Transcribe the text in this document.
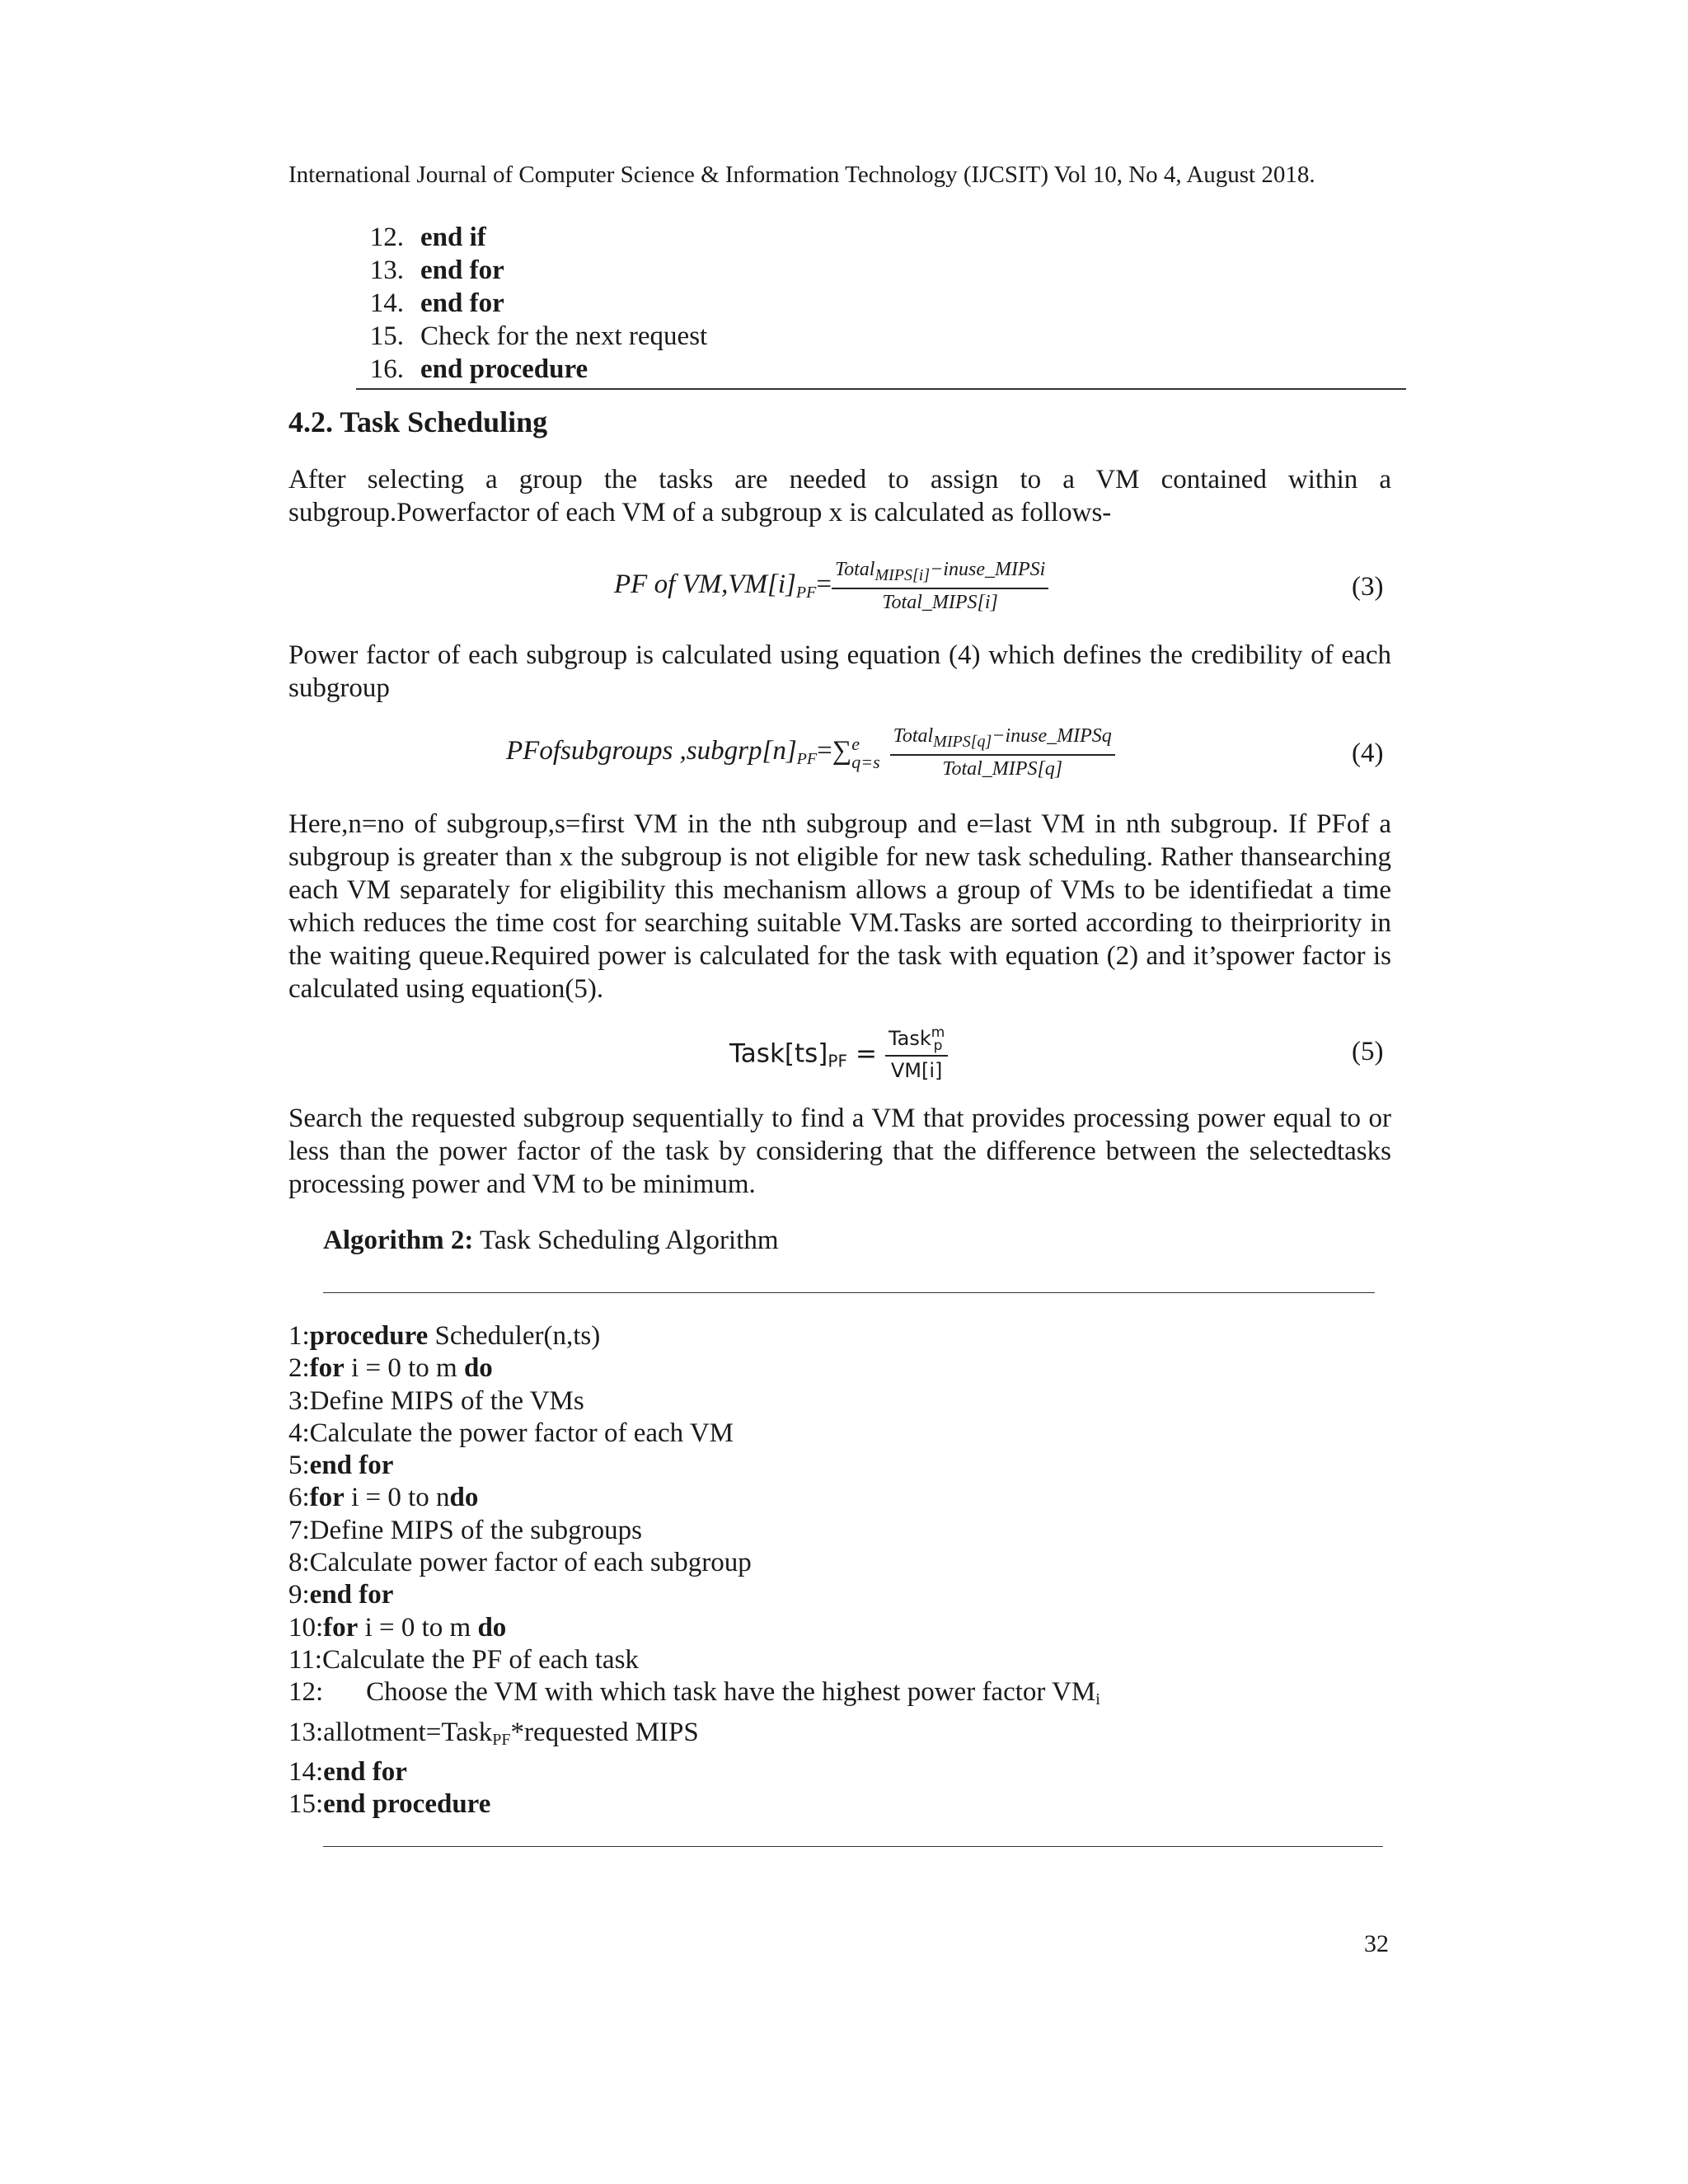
International Journal of Computer Science & Information Technology (IJCSIT) Vol 10, No 4, August 2018.
12. end if
13. end for
14. end for
15. Check for the next request
16. end procedure
4.2. Task Scheduling
After selecting a group the tasks are needed to assign to a VM contained within a subgroup.Powerfactor of each VM of a subgroup x is calculated as follows-
PF of $VM,VM[i]_{PF}= \frac{Total_{MIPS[i]}-inuse\_MIPSi}{\text{Total\_MIPS[i]}}$	(3)
Power factor of each subgroup is calculated using equation (4) which defines the credibility of each subgroup
PFofsubgroups $,subgrp[n]_{PF}=\sum$ e
$q=s \frac{Total_{MIPS[q]}-inuse\_MIPSq}{\text{Total\_MIPS[q]}}$	(4)
Here,n=no of subgroup,s=first VM in the nth subgroup and e=last VM in nth subgroup. If PFof a subgroup is greater than x the subgroup is not eligible for new task scheduling. Rather thansearching each VM separately for eligibility this mechanism allows a group of VMs to be identifiedat a time which reduces the time cost for searching suitable VM.Tasks are sorted according to theirpriority in the waiting queue.Required power is calculated for the task with equation (2) and it’spower factor is calculated using equation(5).
Task[ts]PF = Task m
p
VM[i]	(5)
Search the requested subgroup sequentially to find a VM that provides processing power equal to or less than the power factor of the task by considering that the difference between the selectedtasks processing power and VM to be minimum.
Algorithm 2: Task Scheduling Algorithm
1:procedure Scheduler(n,ts)
2:for i = 0 to m do
3:Define MIPS of the VMs
4:Calculate the power factor of each VM
5:end for
6:for i = 0 to ndo
7:Define MIPS of the subgroups
8:Calculate power factor of each subgroup
9:end for
10:for i = 0 to m do
11:Calculate the PF of each task
12: Choose the VM with which task have the highest power factor VMi
13:allotment=TaskPF*requested MIPS
14:end for
15:end procedure
32
